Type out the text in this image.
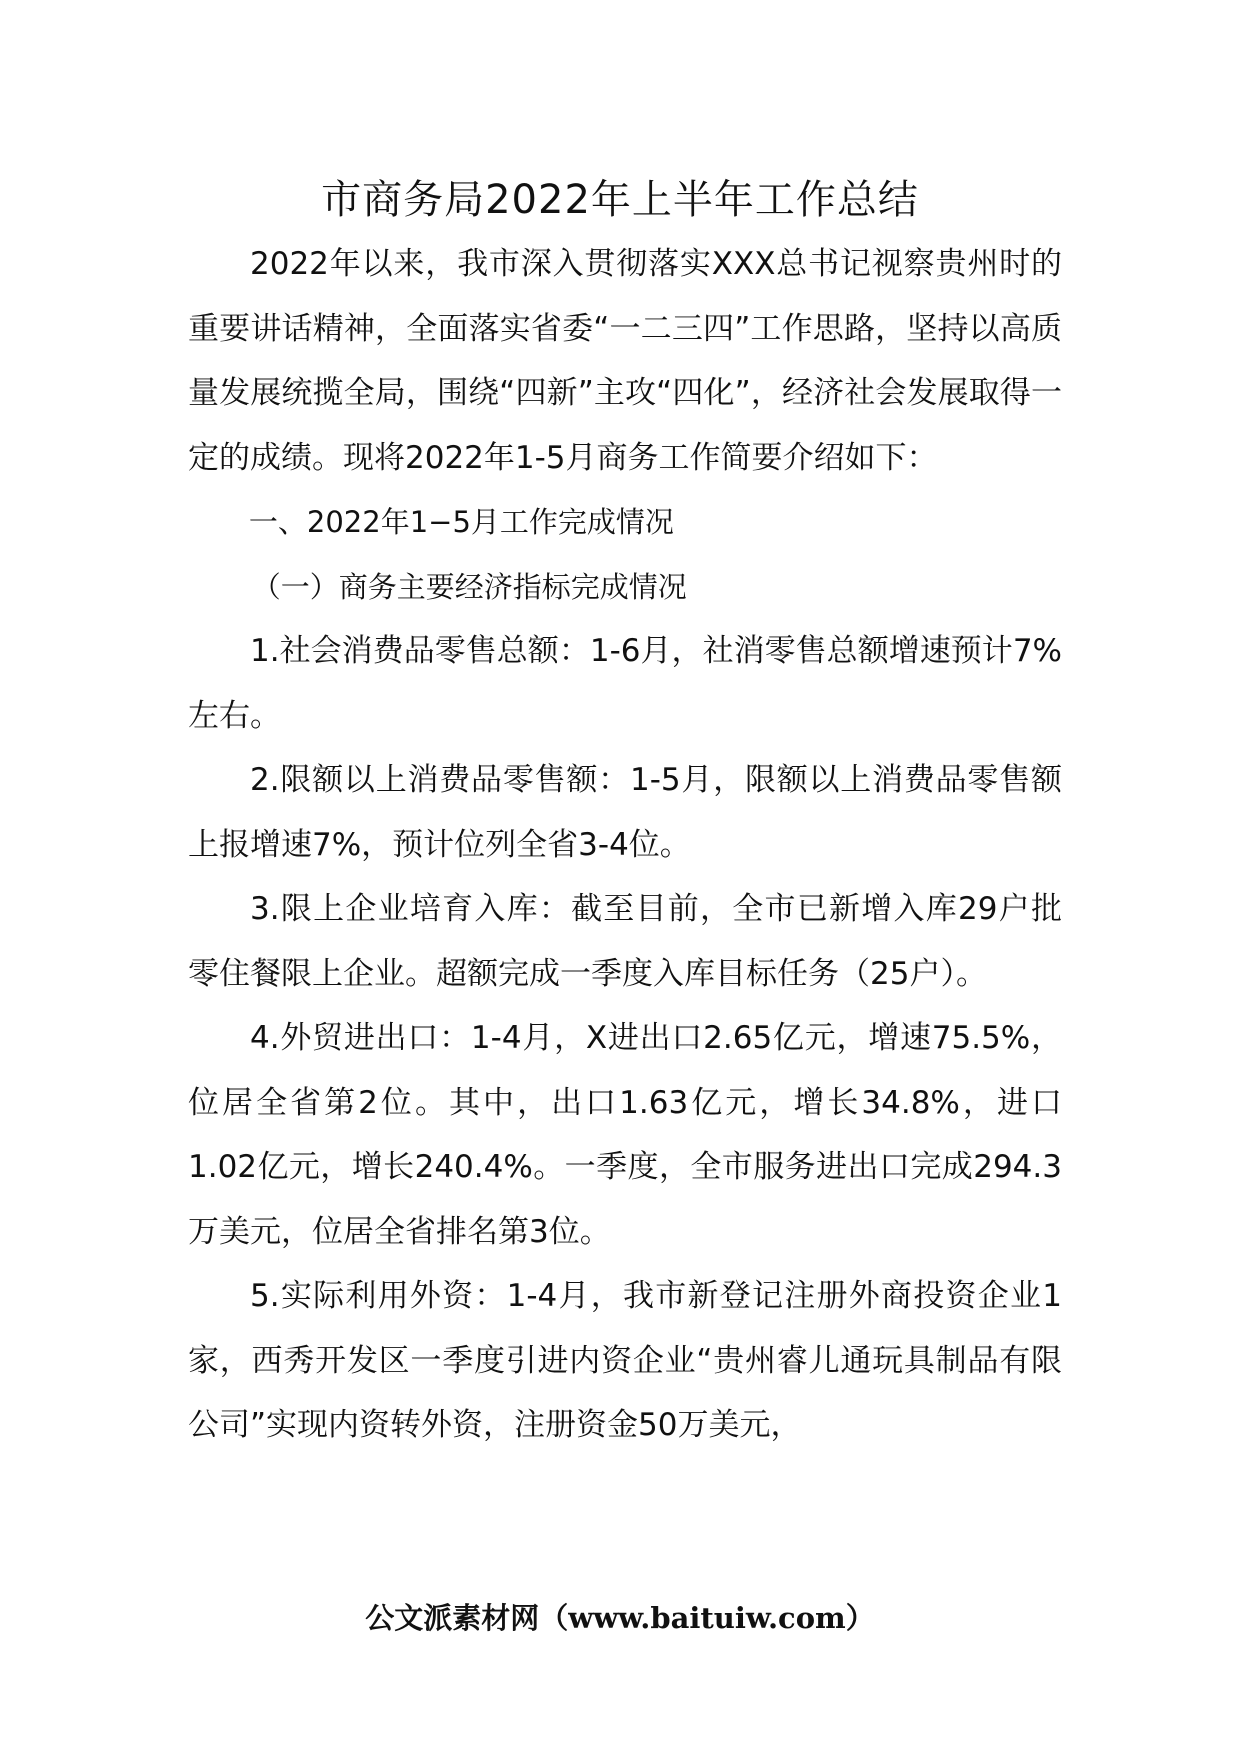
市商务局2022年上半年工作总结

2022年以来，我市深入贯彻落实XXX总书记视察贵州时的重要讲话精神，全面落实省委“一二三四”工作思路，坚持以高质量发展统揽全局，围绕“四新”主攻“四化”，经济社会发展取得一定的成绩。现将2022年1-5月商务工作简要介绍如下：

一、2022年1−5月工作完成情况

（一）商务主要经济指标完成情况

1.社会消费品零售总额：1-6月，社消零售总额增速预计7%左右。

2.限额以上消费品零售额：1-5月，限额以上消费品零售额上报增速7%，预计位列全省3-4位。

3.限上企业培育入库：截至目前，全市已新增入库29户批零住餐限上企业。超额完成一季度入库目标任务（25户）。

4.外贸进出口：1-4月，X进出口2.65亿元，增速75.5%，位居全省第2位。其中，出口1.63亿元，增长34.8%，进口1.02亿元，增长240.4%。一季度，全市服务进出口完成294.3万美元，位居全省排名第3位。

5.实际利用外资：1-4月，我市新登记注册外商投资企业1家，西秀开发区一季度引进内资企业“贵州睿儿通玩具制品有限公司”实现内资转外资，注册资金50万美元，

公文派素材网（www.baituiw.com）
